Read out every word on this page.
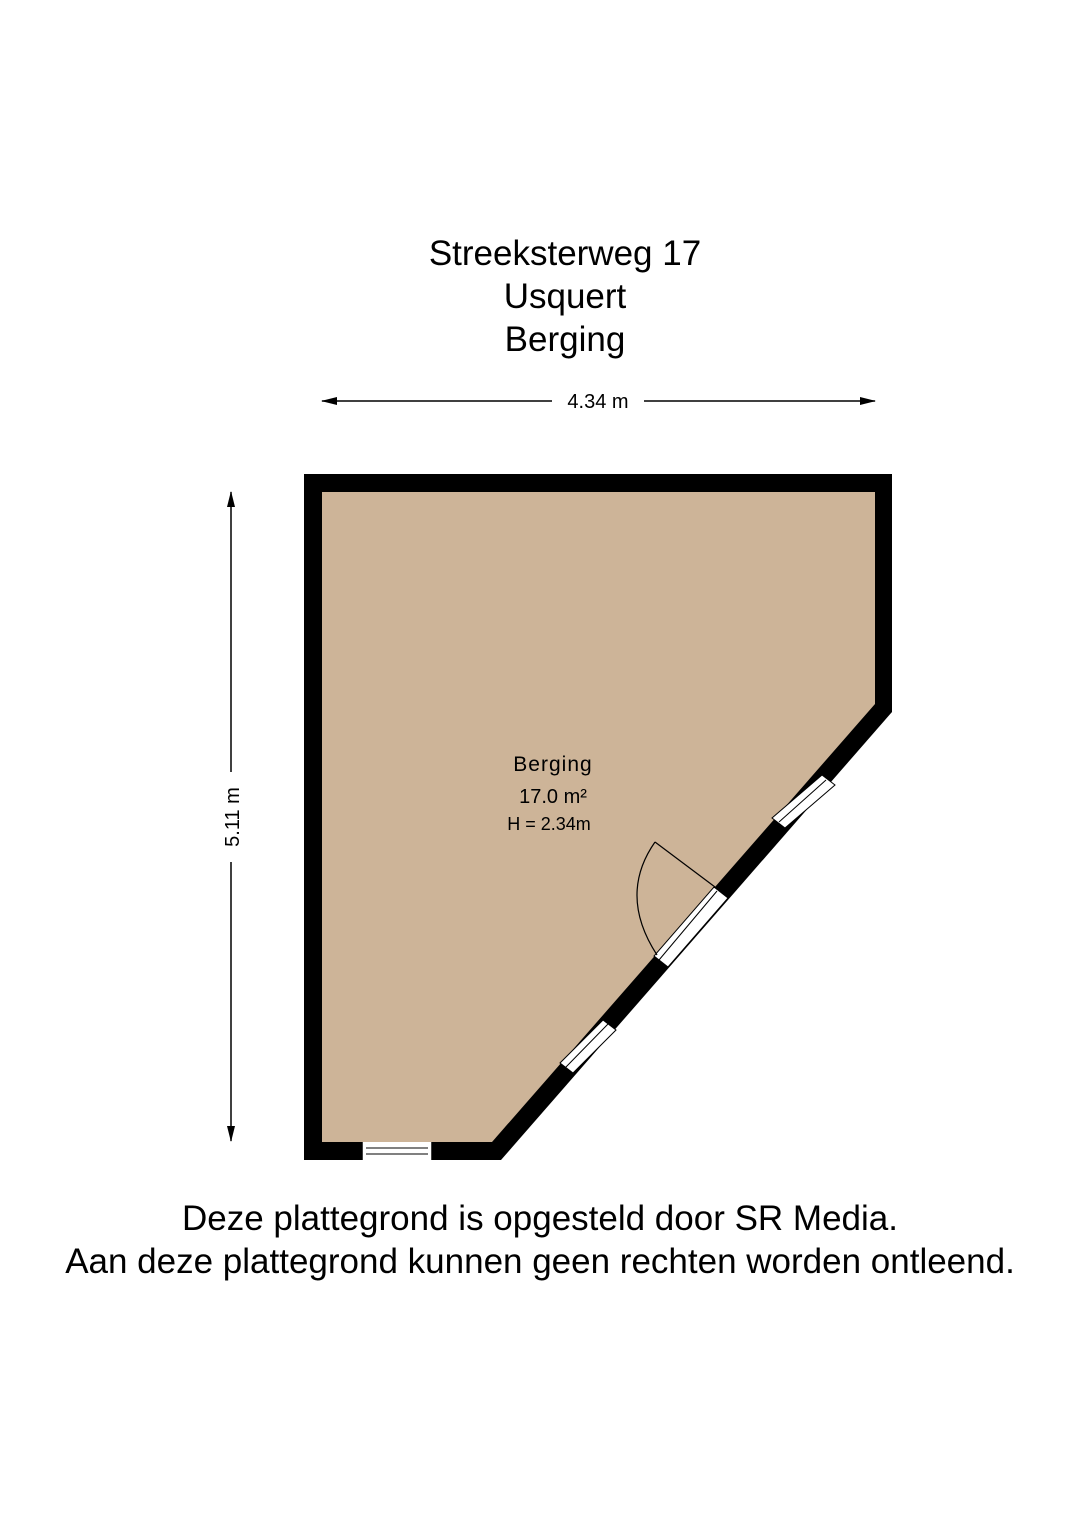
Streeksterweg 17
Usquert
Berging
4.34 m
5.11 m
Berging
17.0 m²
H = 2.34m
Deze plattegrond is opgesteld door SR Media.
Aan deze plattegrond kunnen geen rechten worden ontleend.
